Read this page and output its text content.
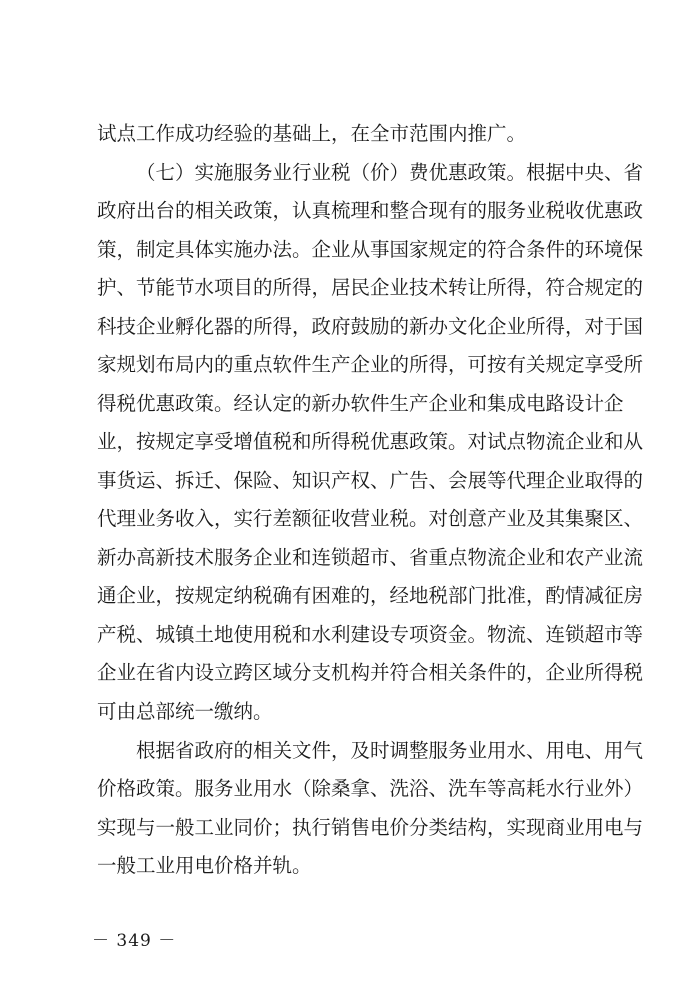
试点工作成功经验的基础上，在全市范围内推广。
（七）实施服务业行业税（价）费优惠政策。根据中央、省
政府出台的相关政策，认真梳理和整合现有的服务业税收优惠政
策，制定具体实施办法。企业从事国家规定的符合条件的环境保
护、节能节水项目的所得，居民企业技术转让所得，符合规定的
科技企业孵化器的所得，政府鼓励的新办文化企业所得，对于国
家规划布局内的重点软件生产企业的所得，可按有关规定享受所
得税优惠政策。经认定的新办软件生产企业和集成电路设计企
业，按规定享受增值税和所得税优惠政策。对试点物流企业和从
事货运、拆迁、保险、知识产权、广告、会展等代理企业取得的
代理业务收入，实行差额征收营业税。对创意产业及其集聚区、
新办高新技术服务企业和连锁超市、省重点物流企业和农产业流
通企业，按规定纳税确有困难的，经地税部门批准，酌情减征房
产税、城镇土地使用税和水利建设专项资金。物流、连锁超市等
企业在省内设立跨区域分支机构并符合相关条件的，企业所得税
可由总部统一缴纳。
根据省政府的相关文件，及时调整服务业用水、用电、用气
价格政策。服务业用水（除桑拿、洗浴、洗车等高耗水行业外）
实现与一般工业同价；执行销售电价分类结构，实现商业用电与
一般工业用电价格并轨。
－ 349 －
